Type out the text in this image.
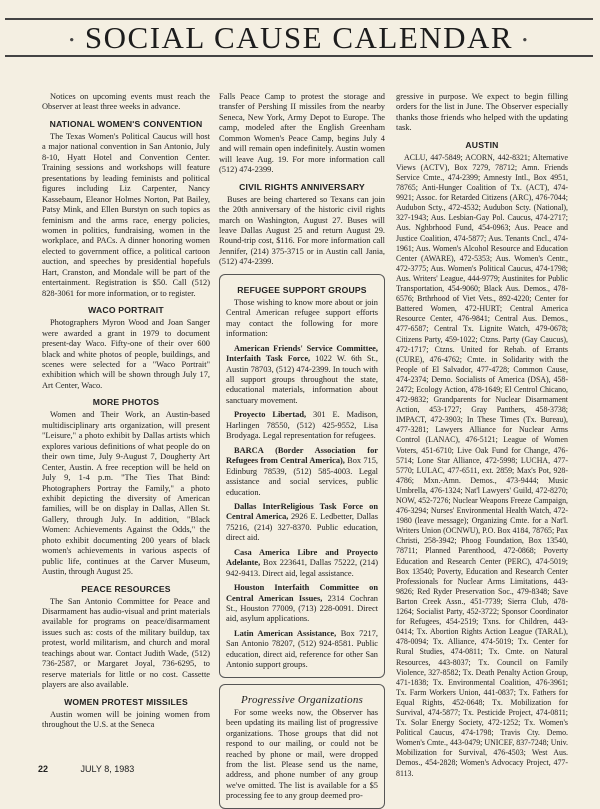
• SOCIAL CAUSE CALENDAR •

Notices on upcoming events must reach the Observer at least three weeks in advance.

NATIONAL WOMEN'S CONVENTION

The Texas Women's Political Caucus will host a major national convention in San Antonio, July 8-10, Hyatt Hotel and Convention Center. Training sessions and workshops will feature presentations by leading feminists and political figures including Liz Carpenter, Nancy Kassebaum, Eleanor Holmes Norton, Pat Bailey, Patsy Mink, and Ellen Burstyn on such topics as feminism and the arms race, energy policies, women in politics, fundraising, women in the workplace, and PACs. A dinner honoring women elected to government office, a political cartoon auction, and speeches by presidential hopefuls Hart, Cranston, and Mondale will be part of the entertainment. Registration is $50. Call (512) 828-3061 for more information, or to register.

WACO PORTRAIT

Photographers Myron Wood and Joan Sanger were awarded a grant in 1979 to document present-day Waco. Fifty-one of their over 600 black and white photos of people, buildings, and scenes were selected for a "Waco Portrait" exhibition which will be shown through July 17, Art Center, Waco.

MORE PHOTOS

Women and Their Work, an Austin-based multidisciplinary arts organization, will present "Leisure," a photo exhibit by Dallas artists which explores various definitions of what people do on their own time, July 9-August 7, Dougherty Art Center, Austin. A free reception will be held on July 9, 1-4 p.m. "The Ties That Bind: Photographers Portray the Family," a photo exhibit depicting the diversity of American families, will be on display in Dallas, Allen St. Gallery, through July. In addition, "Black Women: Achievements Against the Odds," the photo exhibit documenting 200 years of black women's achievements in various aspects of public life, continues at the Carver Museum, Austin, through August 25.

PEACE RESOURCES

The San Antonio Committee for Peace and Disarmament has audio-visual and print materials available for programs on peace/disarmament issues such as: costs of the military buildup, tax protest, world militarism, and church and moral teachings about war. Contact Judith Wade, (512) 736-2587, or Margaret Joyal, 736-6295, to reserve materials for little or no cost. Cassette players are also available.

WOMEN PROTEST MISSILES

Austin women will be joining women from throughout the U.S. at the Seneca

Falls Peace Camp to protest the storage and transfer of Pershing II missiles from the nearby Seneca, New York, Army Depot to Europe. The camp, modeled after the English Greenham Common Women's Peace Camp, begins July 4 and will remain open indefinitely. Austin women will leave Aug. 19. For more information call (512) 474-2399.

CIVIL RIGHTS ANNIVERSARY

Buses are being chartered so Texans can join the 20th anniversary of the historic civil rights march on Washington, August 27. Buses will leave Dallas August 25 and return August 29. Round-trip cost, $116. For more information call Jennifer, (214) 375-3715 or in Austin call Jania, (512) 474-2399.

REFUGEE SUPPORT GROUPS

Those wishing to know more about or join Central American refugee support efforts may contact the following for more information:

American Friends' Service Committee, Interfaith Task Force, 1022 W. 6th St., Austin 78703, (512) 474-2399. In touch with all support groups throughout the state, educational materials, information about sanctuary movement.

Proyecto Libertad, 301 E. Madison, Harlingen 78550, (512) 425-9552, Lisa Brodyaga. Legal representation for refugees.

BARCA (Border Association for Refugees from Central America), Box 715, Edinburg 78539, (512) 585-4003. Legal assistance and social services, public education.

Dallas InterReligious Task Force on Central America, 2926 E. Ledbetter, Dallas 75216, (214) 327-8370. Public education, direct aid.

Casa America Libre and Proyecto Adelante, Box 223641, Dallas 75222, (214) 942-9413. Direct aid, legal assistance.

Houston Interfaith Committee on Central American Issues, 2314 Cochran St., Houston 77009, (713) 228-0091. Direct aid, asylum applications.

Latin American Assistance, Box 7217, San Antonio 78207, (512) 924-8581. Public education, direct aid, reference for other San Antonio support groups.

Progressive Organizations

For some weeks now, the Observer has been updating its mailing list of progressive organizations. Those groups that did not respond to our mailing, or could not be reached by phone or mail, were dropped from the list. Please send us the name, address, and phone number of any group we've omitted. The list is available for a $5 processing fee to any group deemed pro-

gressive in purpose. We expect to begin filling orders for the list in June. The Observer especially thanks those friends who helped with the updating task.

AUSTIN

ACLU, 447-5849; ACORN, 442-8321; Alternative Views (ACTV), Box 7279, 78712; Amn. Friends Service Cmte., 474-2399; Amnesty Intl., Box 4951, 78765; Anti-Hunger Coalition of Tx. (ACT), 474-9921; Assoc. for Retarded Citizens (ARC), 476-7044; Audubon Scty., 472-4532; Audubon Scty. (National), 327-1943; Aus. Lesbian-Gay Pol. Caucus, 474-2717; Aus. Nghbrhood Fund, 454-0963; Aus. Peace and Justice Coalition, 474-5877; Aus. Tenants Cncl., 474-1961; Aus. Women's Alcohol Resource and Education Center (AWARE), 472-5353; Aus. Women's Centr., 472-3775; Aus. Women's Political Caucus, 474-1798; Aus. Writers' League, 444-9779; Austinites for Public Transportation, 454-9060; Black Aus. Demos., 478-6576; Brthrhood of Viet Vets., 892-4220; Center for Battered Women, 472-HURT; Central America Resource Center, 476-9841; Central Aus. Demos., 477-6587; Central Tx. Lignite Watch, 479-0678; Citizens Party, 459-1022; Ctzns. Party (Gay Caucus), 472-1717; Ctzns. United for Rehab. of Errants (CURE), 476-4762; Cmte. in Solidarity with the People of El Salvador, 477-4728; Common Cause, 474-2374; Demo. Socialists of America (DSA), 458-2472; Ecology Action, 478-1649; El Centrol Chicano, 472-9832; Grandparents for Nuclear Disarmament Action, 453-1727; Gray Panthers, 458-3738; IMPACT, 472-3903; In These Times (Tx. Bureau), 477-3281; Lawyers Alliance for Nuclear Arms Control (LANAC), 476-5121; League of Women Voters, 451-6710; Live Oak Fund for Change, 476-5714; Lone Star Alliance, 472-5998; LUCHA, 477-5770; LULAC, 477-6511, ext. 2859; Max's Pot, 928-4786; Mxn.-Amn. Demos., 473-9444; Music Umbrella, 476-1324; Nat'l Lawyers' Guild, 472-8270; NOW, 452-7276; Nuclear Weapons Freeze Campaign, 476-3294; Nurses' Environmental Health Watch, 472-1980 (leave message); Organizing Cmte. for a Nat'l. Writers Union (OCNWU), P.O. Box 4184, 78765; Pax Christi, 258-3942; Phoog Foundation, Box 13540, 78711; Planned Parenthood, 472-0868; Poverty Education and Research Center (PERC), 474-5019; Box 13540; Poverty, Education and Research Center Professionals for Nuclear Arms Limitations, 443-9826; Red Ryder Preservation Soc., 479-8348; Save Barton Creek Assn., 451-7739; Sierra Club, 478-1264; Socialist Party, 452-3722; Sponsor Coordinator for Refugees, 454-2519; Txns. for Children, 443-0414; Tx. Abortion Rights Action League (TARAL), 478-0094; Tx. Alliance, 474-5019; Tx. Center for Rural Studies, 474-0811; Tx. Cmte. on Natural Resources, 443-8037; Tx. Council on Family Violence, 327-8582; Tx. Death Penalty Action Group, 471-1838; Tx. Environmental Coalition, 476-3961; Tx. Farm Workers Union, 441-0837; Tx. Fathers for Equal Rights, 452-0648; Tx. Mobilization for Survival, 474-5877; Tx. Pesticide Project, 474-0811; Tx. Solar Energy Society, 472-1252; Tx. Women's Political Caucus, 474-1798; Travis Cty. Demo. Women's Cmte., 443-0479; UNICEF, 837-7248; Univ. Mobilization for Survival, 476-4503; West Aus. Demos., 454-2828; Women's Advocacy Project, 477-8113.

22	JULY 8, 1983
